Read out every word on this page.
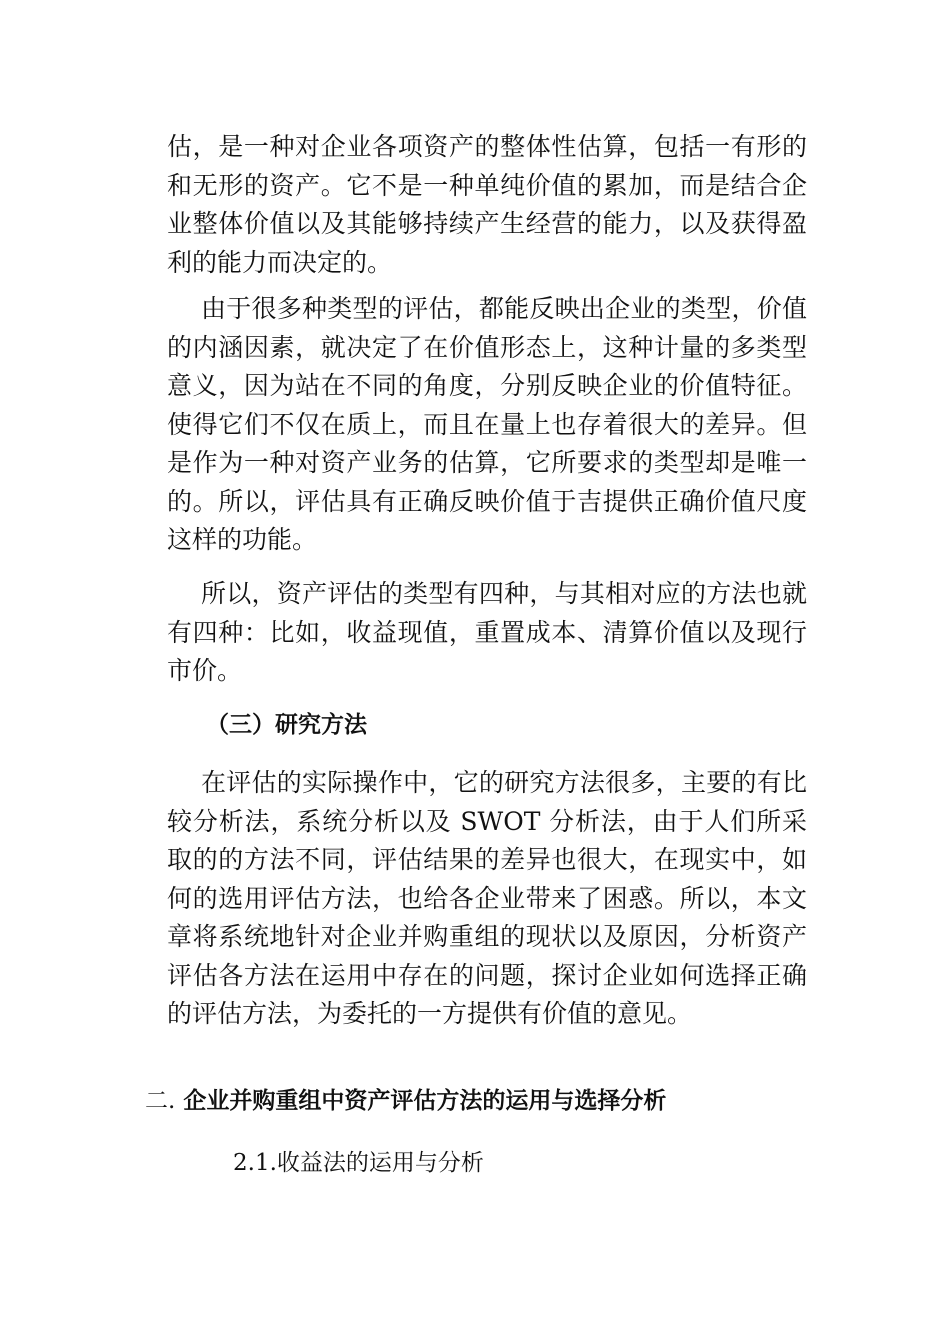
估，是一种对企业各项资产的整体性估算，包括一有形的和无形的资产。它不是一种单纯价值的累加，而是结合企业整体价值以及其能够持续产生经营的能力，以及获得盈利的能力而决定的。

由于很多种类型的评估，都能反映出企业的类型，价值的内涵因素，就决定了在价值形态上，这种计量的多类型意义，因为站在不同的角度，分别反映企业的价值特征。使得它们不仅在质上，而且在量上也存着很大的差异。但是作为一种对资产业务的估算，它所要求的类型却是唯一的。所以，评估具有正确反映价值于吉提供正确价值尺度这样的功能。

所以，资产评估的类型有四种，与其相对应的方法也就有四种：比如，收益现值，重置成本、清算价值以及现行市价。

（三）研究方法

在评估的实际操作中，它的研究方法很多，主要的有比较分析法，系统分析以及 SWOT 分析法，由于人们所采取的的方法不同，评估结果的差异也很大，在现实中，如何的选用评估方法，也给各企业带来了困惑。所以，本文章将系统地针对企业并购重组的现状以及原因，分析资产评估各方法在运用中存在的问题，探讨企业如何选择正确的评估方法，为委托的一方提供有价值的意见。

二. 企业并购重组中资产评估方法的运用与选择分析
2.1.收益法的运用与分析
